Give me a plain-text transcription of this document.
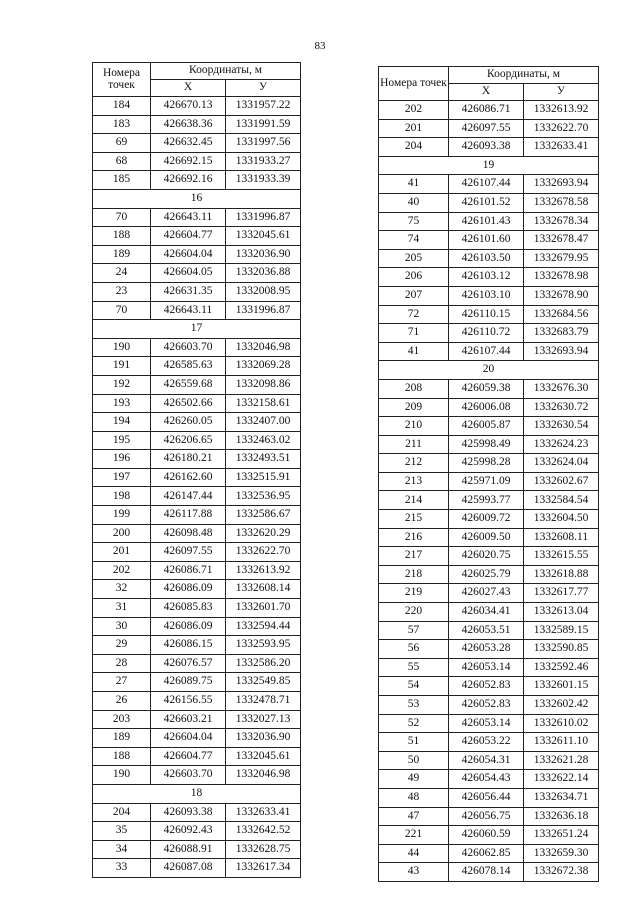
83
Номера точек	Координаты, м	
	Х	У
184	426670.13	1331957.22
183	426638.36	1331991.59
69	426632.45	1331997.56
68	426692.15	1331933.27
185	426692.16	1331933.39
16		
70	426643.11	1331996.87
188	426604.77	1332045.61
189	426604.04	1332036.90
24	426604.05	1332036.88
23	426631.35	1332008.95
70	426643.11	1331996.87
17		
190	426603.70	1332046.98
191	426585.63	1332069.28
192	426559.68	1332098.86
193	426502.66	1332158.61
194	426260.05	1332407.00
195	426206.65	1332463.02
196	426180.21	1332493.51
197	426162.60	1332515.91
198	426147.44	1332536.95
199	426117.88	1332586.67
200	426098.48	1332620.29
201	426097.55	1332622.70
202	426086.71	1332613.92
32	426086.09	1332608.14
31	426085.83	1332601.70
30	426086.09	1332594.44
29	426086.15	1332593.95
28	426076.57	1332586.20
27	426089.75	1332549.85
26	426156.55	1332478.71
203	426603.21	1332027.13
189	426604.04	1332036.90
188	426604.77	1332045.61
190	426603.70	1332046.98
18		
204	426093.38	1332633.41
35	426092.43	1332642.52
34	426088.91	1332628.75
33	426087.08	1332617.34
Номера точек	Координаты, м	
	Х	У
202	426086.71	1332613.92
201	426097.55	1332622.70
204	426093.38	1332633.41
19		
41	426107.44	1332693.94
40	426101.52	1332678.58
75	426101.43	1332678.34
74	426101.60	1332678.47
205	426103.50	1332679.95
206	426103.12	1332678.98
207	426103.10	1332678.90
72	426110.15	1332684.56
71	426110.72	1332683.79
41	426107.44	1332693.94
20		
208	426059.38	1332676.30
209	426006.08	1332630.72
210	426005.87	1332630.54
211	425998.49	1332624.23
212	425998.28	1332624.04
213	425971.09	1332602.67
214	425993.77	1332584.54
215	426009.72	1332604.50
216	426009.50	1332608.11
217	426020.75	1332615.55
218	426025.79	1332618.88
219	426027.43	1332617.77
220	426034.41	1332613.04
57	426053.51	1332589.15
56	426053.28	1332590.85
55	426053.14	1332592.46
54	426052.83	1332601.15
53	426052.83	1332602.42
52	426053.14	1332610.02
51	426053.22	1332611.10
50	426054.31	1332621.28
49	426054.43	1332622.14
48	426056.44	1332634.71
47	426056.75	1332636.18
221	426060.59	1332651.24
44	426062.85	1332659.30
43	426078.14	1332672.38
